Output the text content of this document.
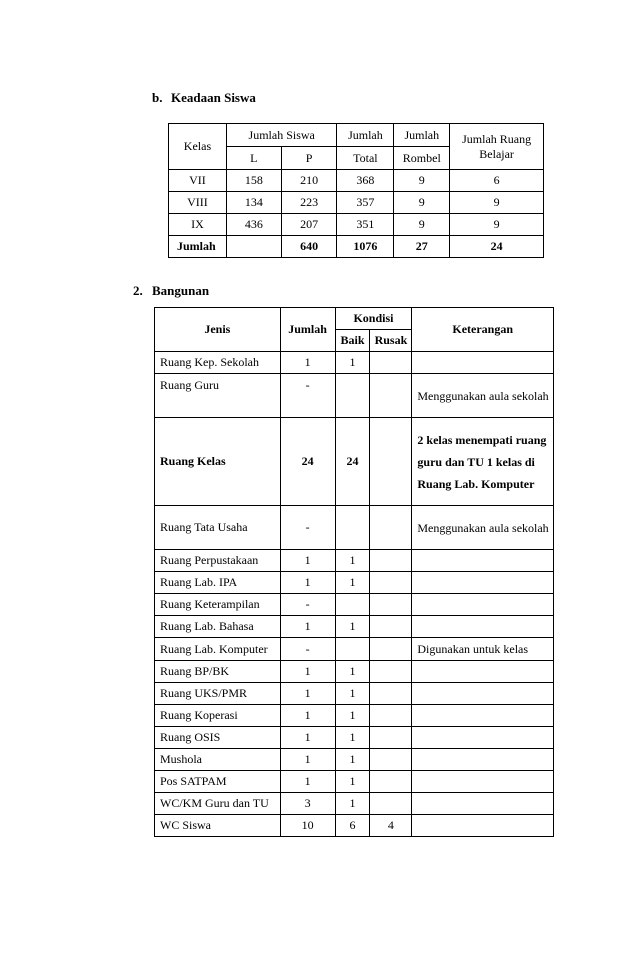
b. Keadaan Siswa
Kelas	Jumlah Siswa		Jumlah	Jumlah	Jumlah Ruang Belajar
	L	P	Total	Rombel	
VII	158	210	368	9	6
VIII	134	223	357	9	9
IX	436	207	351	9	9
Jumlah		640	1076	27	24
2. Bangunan
Jenis	Jumlah	Kondisi		Keterangan
		Baik	Rusak	
Ruang Kep. Sekolah	1	1		
Ruang Guru	-			Menggunakan aula sekolah
Ruang Kelas	24	24		2 kelas menempati ruang guru dan TU 1 kelas di Ruang Lab. Komputer
Ruang Tata Usaha	-			Menggunakan aula sekolah
Ruang Perpustakaan	1	1		
Ruang Lab. IPA	1	1		
Ruang Keterampilan	-			
Ruang Lab. Bahasa	1	1		
Ruang Lab. Komputer	-			Digunakan untuk kelas
Ruang BP/BK	1	1		
Ruang UKS/PMR	1	1		
Ruang Koperasi	1	1		
Ruang OSIS	1	1		
Mushola	1	1		
Pos SATPAM	1	1		
WC/KM Guru dan TU	3	1		
WC Siswa	10	6	4	
